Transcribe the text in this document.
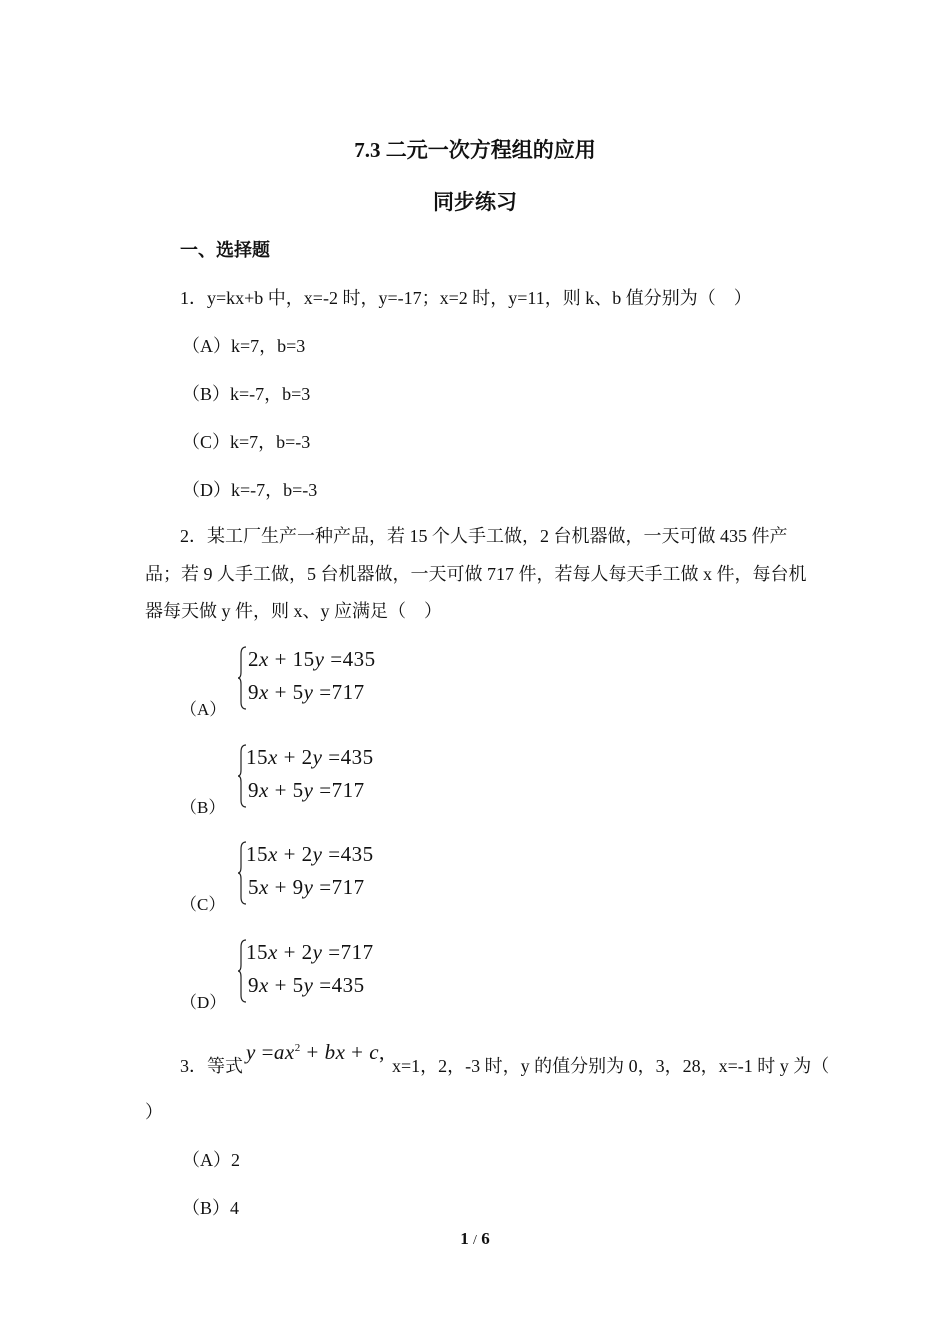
7.3 二元一次方程组的应用
同步练习
一、选择题
1．y=kx+b 中，x=-2 时，y=-17；x=2 时，y=11，则 k、b 值分别为（　）
（A）k=7，b=3
（B）k=-7，b=3
（C）k=7，b=-3
（D）k=-7，b=-3
2．某工厂生产一种产品，若 15 个人手工做，2 台机器做，一天可做 435 件产
品；若 9 人手工做，5 台机器做，一天可做 717 件，若每人每天手工做 x 件，每台机
器每天做 y 件，则 x、y 应满足（　）
（A）
2x + 15y =435
9x + 5y =717
（B）
15x + 2y =435
9x + 5y =717
（C）
15x + 2y =435
5x + 9y =717
（D）
15x + 2y =717
9x + 5y =435
3．等式
$y =ax^2$ + bx + c,
x=1，2，-3 时，y 的值分别为 0，3，28，x=-1 时 y 为（
）
（A）2
（B）4
1 / 6
